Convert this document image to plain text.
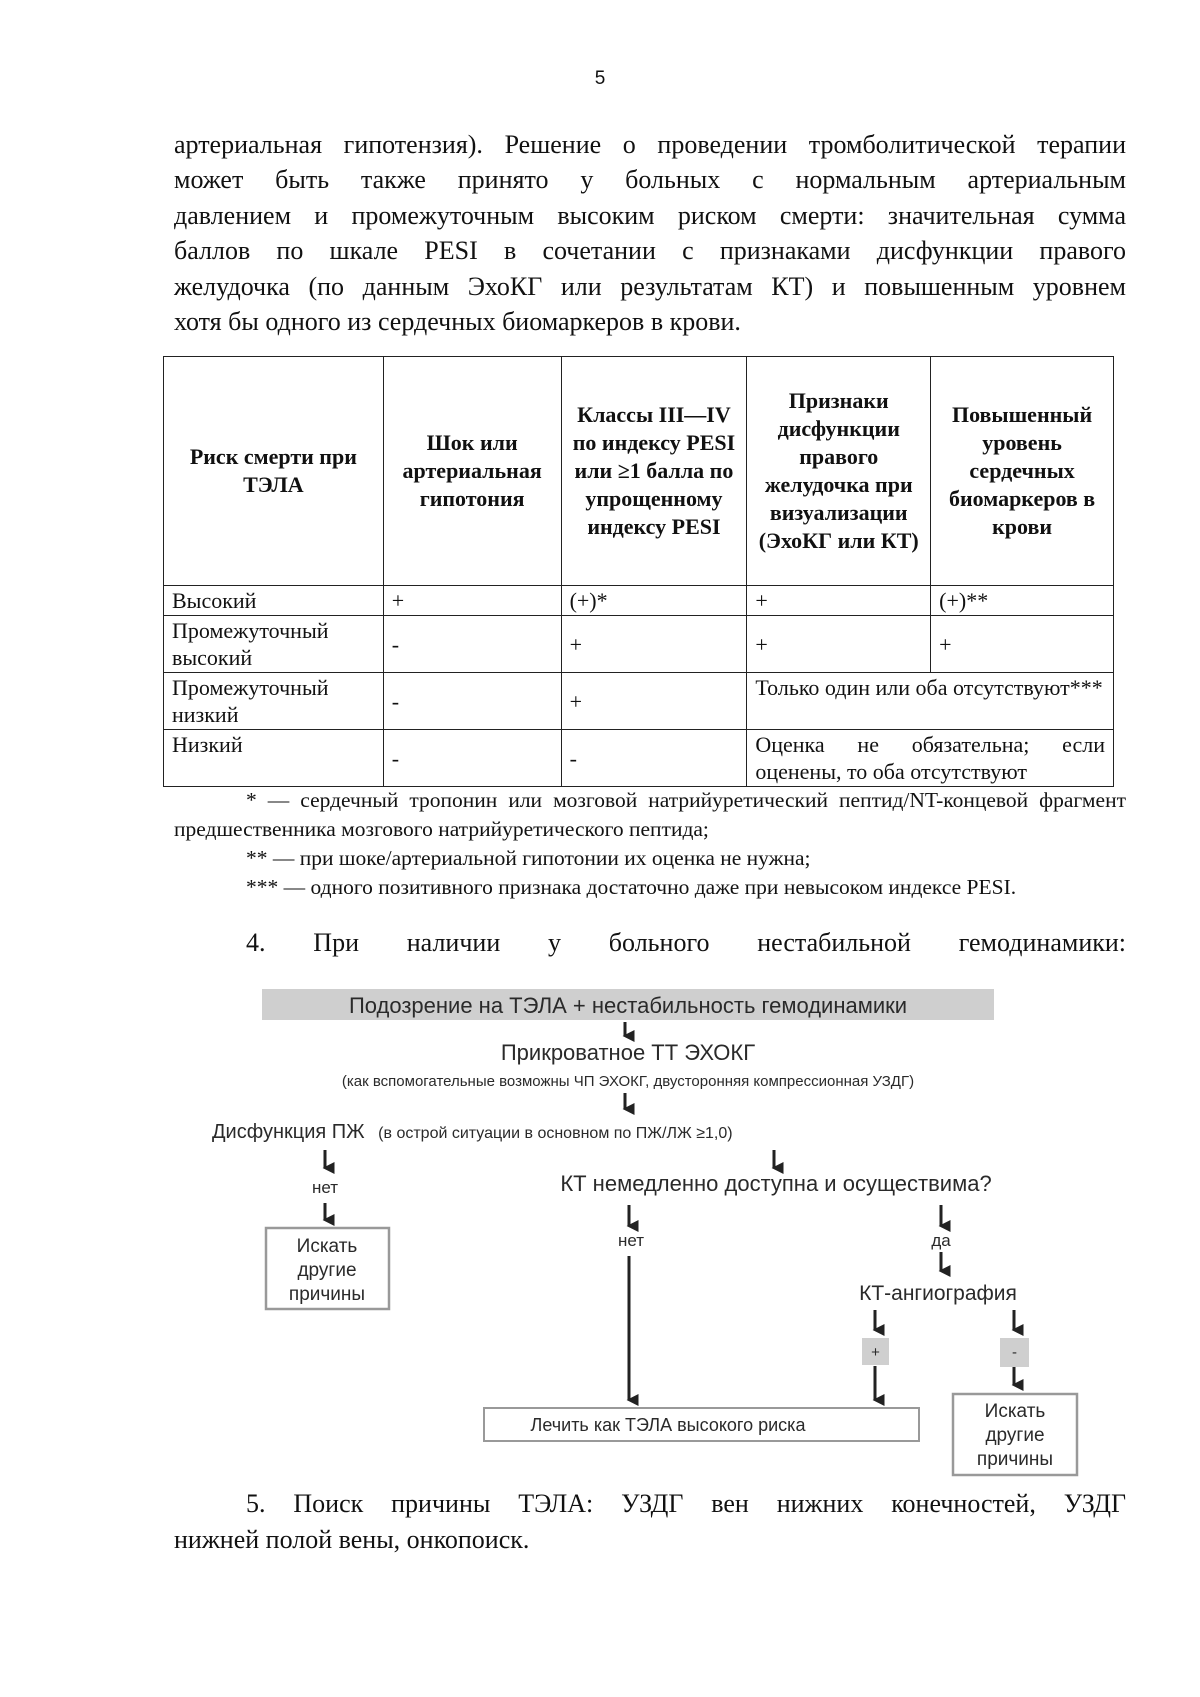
5
артериальная гипотензия). Решение о проведении тромболитической терапии
может быть также принято у больных с нормальным артериальным
давлением и промежуточным высоким риском смерти: значительная сумма
баллов по шкале PESI в сочетании с признаками дисфункции правого
желудочка (по данным ЭхоКГ или результатам КТ) и повышенным уровнем
хотя бы одного из сердечных биомаркеров в крови.
Риск смерти при ТЭЛА	Шок или артериальная гипотония	Классы III—IV по индексу PESI или ≥1 балла по упрощенному индексу PESI	Признаки дисфункции правого желудочка при визуализации (ЭхоКГ или КТ)	Повышенный уровень сердечных биомаркеров в крови
Высокий	+	(+)*	+	(+)**
Промежуточный высокий	-	+	+	+
Промежуточный низкий	-	+	Только один или оба отсутствуют***	
Низкий	-	-	Оценка не обязательна; если оценены, то оба отсутствуют	

* — сердечный тропонин или мозговой натрийуретический пептид/NT-концевой фрагмент предшественника мозгового натрийуретического пептида;

** — при шоке/артериальной гипотонии их оценка не нужна;

*** — одного позитивного признака достаточно даже при невысоком индексе PESI.

4. При наличии у больного нестабильной гемодинамики:
Подозрение на ТЭЛА + нестабильность гемодинамики
Прикроватное ТТ ЭХОКГ
(как вспомогательные возможны ЧП ЭХОКГ, двусторонняя компрессионная УЗДГ)
Дисфункция ПЖ (в острой ситуации в основном по ПЖ/ЛЖ ≥1,0)
нет	КТ немедленно доступна и осуществима?
Искать
другие
причины
нет	да
КТ-ангиография
+	-
Лечить как ТЭЛА высокого риска
Искать
другие
причины
5. Поиск причины ТЭЛА: УЗДГ вен нижних конечностей, УЗДГ
нижней полой вены, онкопоиск.
